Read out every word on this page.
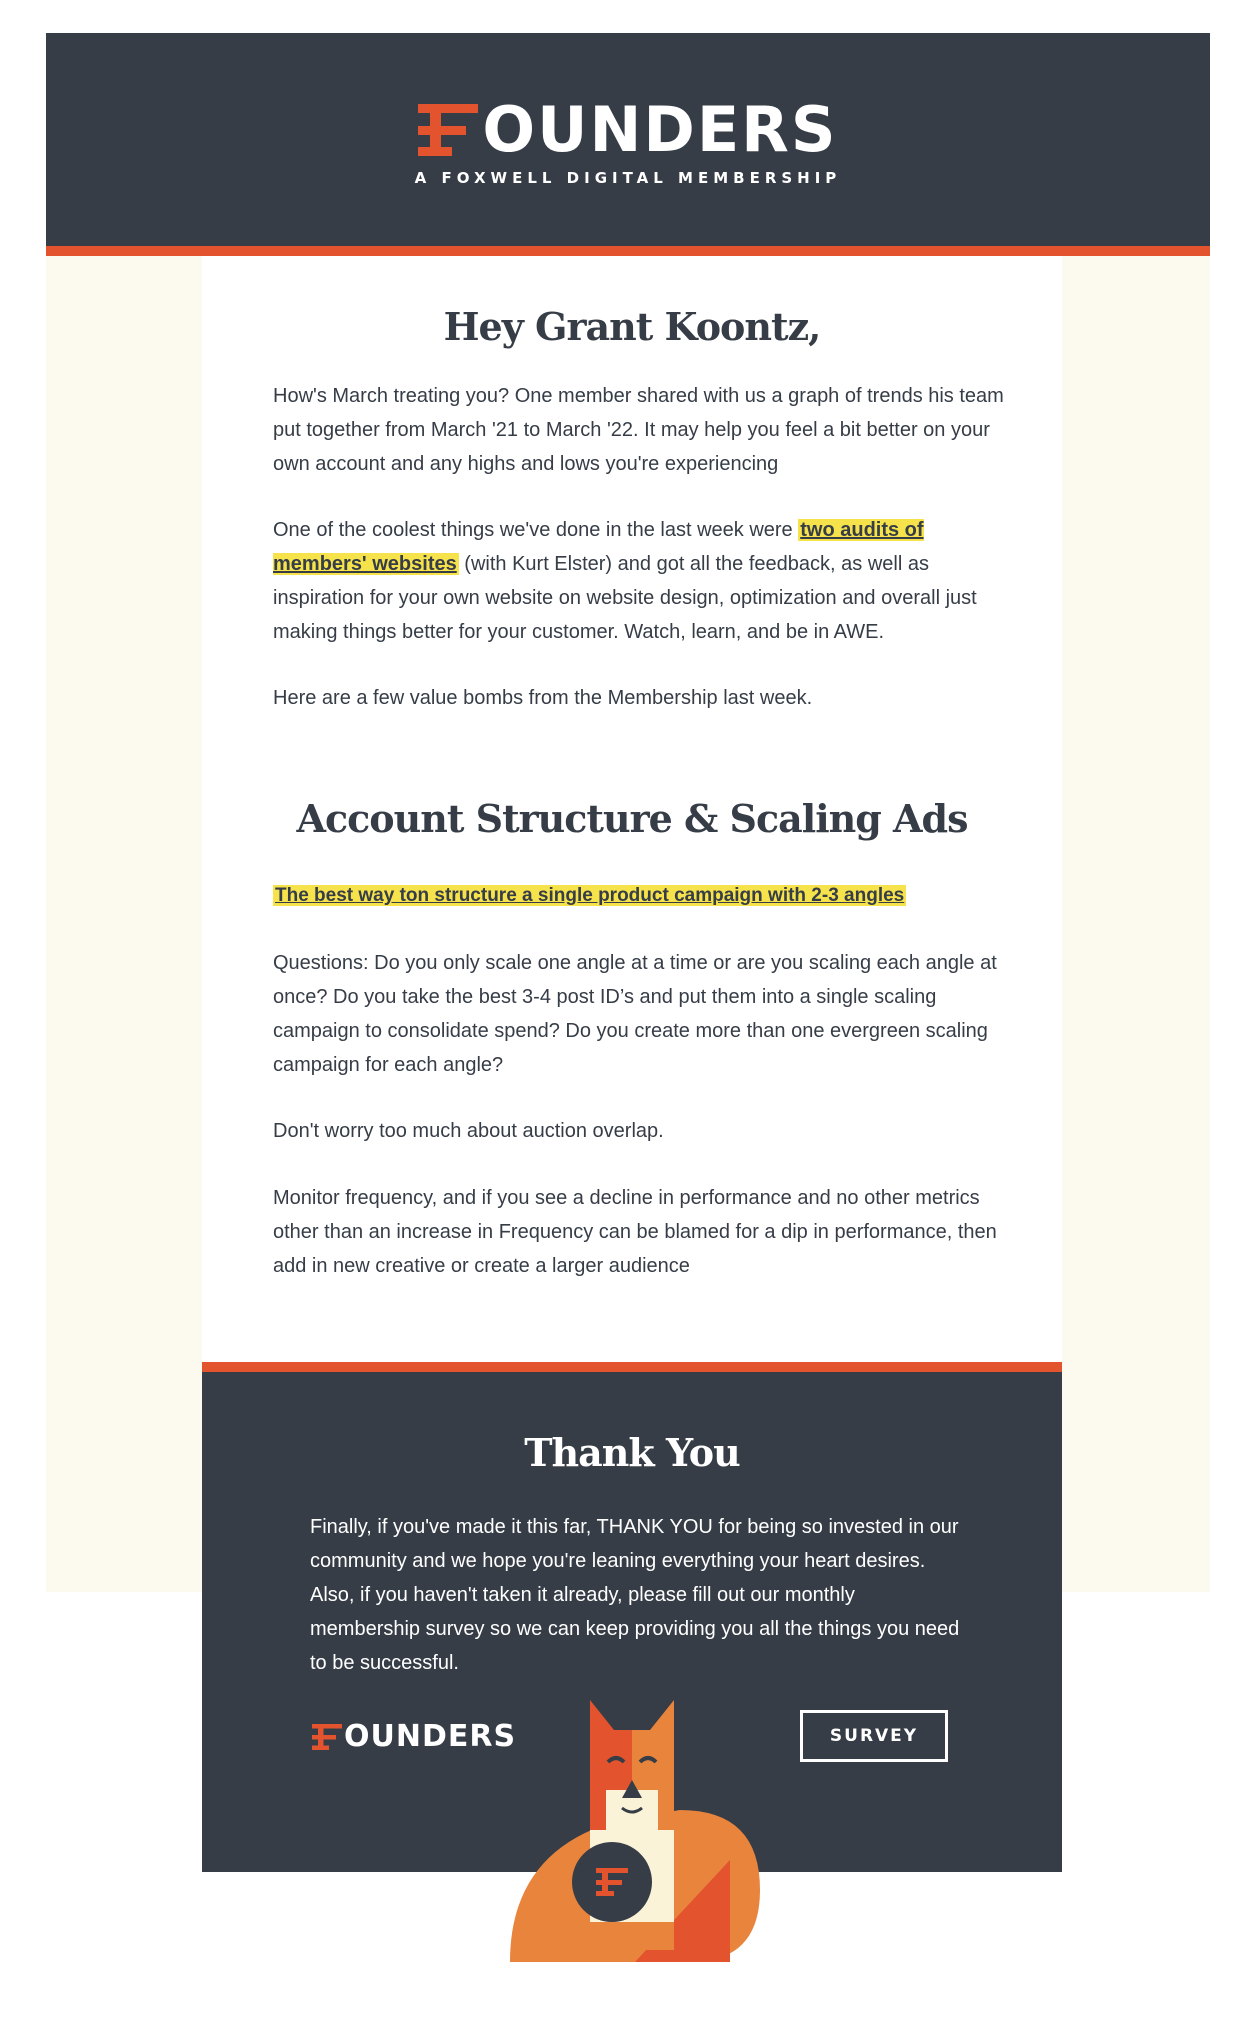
OUNDERS
A FOXWELL DIGITAL MEMBERSHIP
Hey Grant Koontz,

How's March treating you? One member shared with us a graph of trends his team put together from March '21 to March '22. It may help you feel a bit better on your own account and any highs and lows you're experiencing

One of the coolest things we've done in the last week were two audits of members' websites (with Kurt Elster) and got all the feedback, as well as inspiration for your own website on website design, optimization and overall just making things better for your customer. Watch, learn, and be in AWE.

Here are a few value bombs from the Membership last week.

Account Structure & Scaling Ads

The best way ton structure a single product campaign with 2-3 angles

Questions: Do you only scale one angle at a time or are you scaling each angle at once? Do you take the best 3-4 post ID’s and put them into a single scaling campaign to consolidate spend? Do you create more than one evergreen scaling campaign for each angle?

Don't worry too much about auction overlap.

Monitor frequency, and if you see a decline in performance and no other metrics other than an increase in Frequency can be blamed for a dip in performance, then add in new creative or create a larger audience

Thank You

Finally, if you've made it this far, THANK YOU for being so invested in our community and we hope you're leaning everything your heart desires. Also, if you haven't taken it already, please fill out our monthly membership survey so we can keep providing you all the things you need to be successful.

OUNDERS	SURVEY
